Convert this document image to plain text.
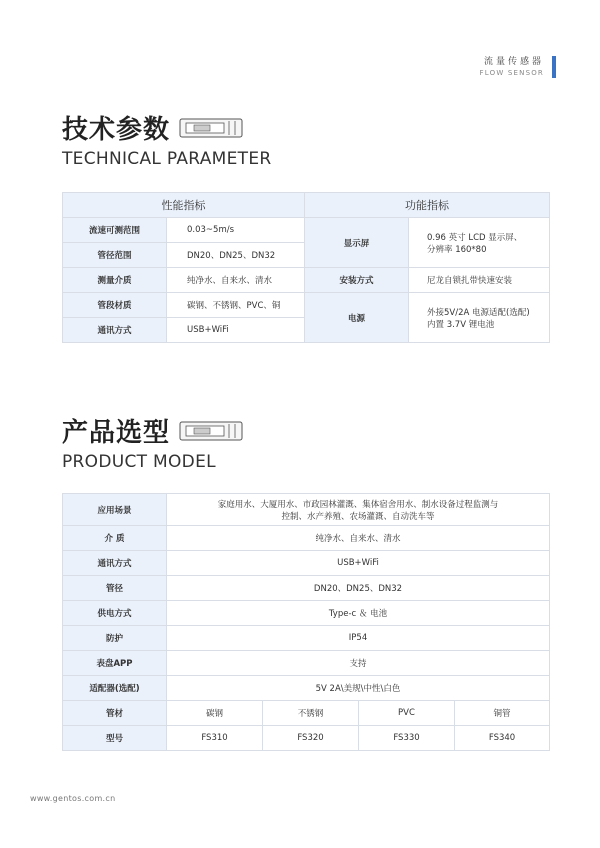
流量传感器
FLOW SENSOR
技术参数
TECHNICAL PARAMETER
性能指标		功能指标	
流速可测范围	0.03~5m/s	显示屏	0.96 英寸 LCD 显示屏、
分辨率 160*80

管径范围	DN20、DN25、DN32		
测量介质	纯净水、自来水、清水	安装方式	尼龙自锁扎带快速安装
管段材质	碳钢、不锈钢、PVC、铜	电源	外接5V/2A 电源适配(选配)
内置 3.7V 锂电池

通讯方式	USB+WiFi		
产品选型
PRODUCT MODEL
应用场景	家庭用水、大厦用水、市政园林灌溉、集体宿舍用水、制水设备过程监测与
控制、水产养殖、农场灌溉、自动洗车等			

介 质	纯净水、自来水、清水			
通讯方式	USB+WiFi			
管径	DN20、DN25、DN32			
供电方式	Type-c ＆ 电池			
防护	IP54			
表盘APP	支持			
适配器(选配)	5V 2A\美规\中性\白色			
管材	碳钢	不锈钢	PVC	铜管
型号	FS310	FS320	FS330	FS340
www.gentos.com.cn
